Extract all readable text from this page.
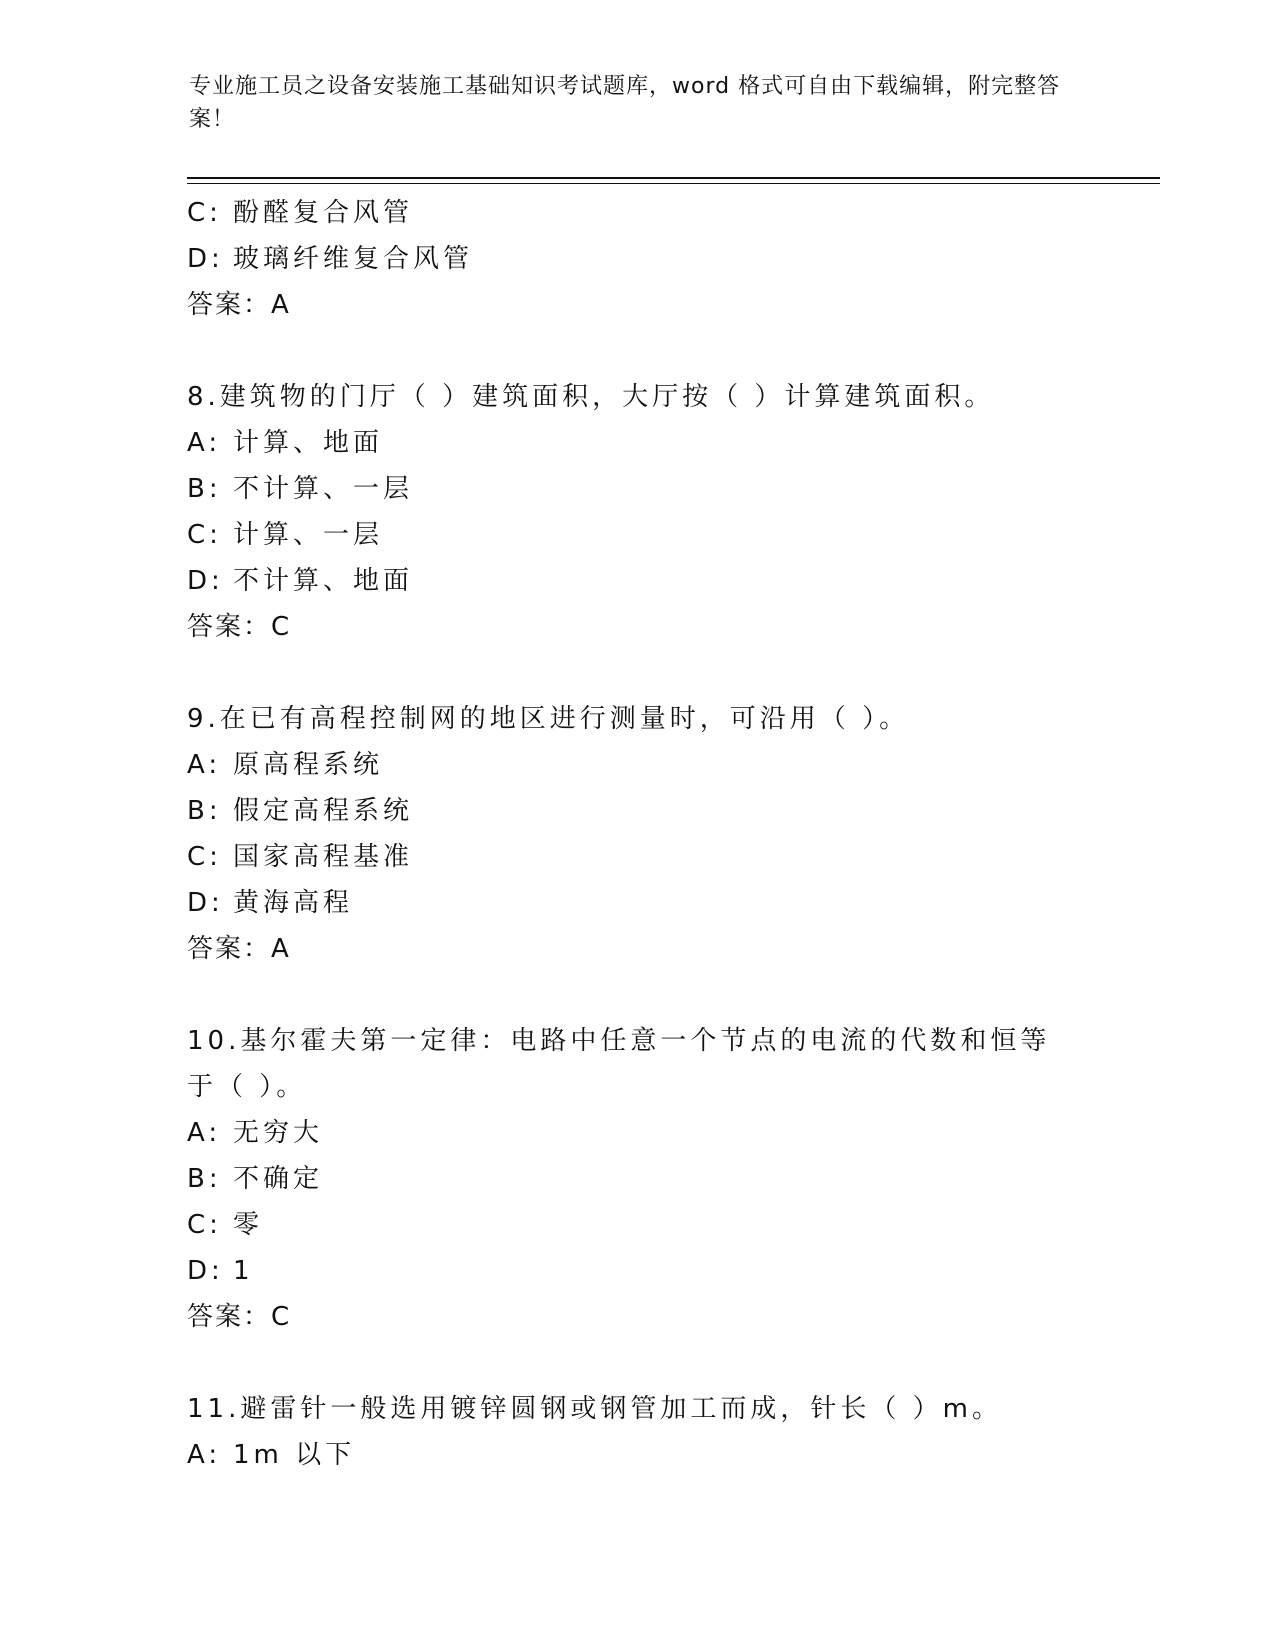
专业施工员之设备安装施工基础知识考试题库，word 格式可自由下载编辑，附完整答案！
C: 酚醛复合风管
D: 玻璃纤维复合风管
答案：A
8.建筑物的门厅（ ）建筑面积，大厅按（ ）计算建筑面积。
A: 计算、地面
B: 不计算、一层
C: 计算、一层
D: 不计算、地面
答案：C
9.在已有高程控制网的地区进行测量时，可沿用（ ）。
A: 原高程系统
B: 假定高程系统
C: 国家高程基准
D: 黄海高程
答案：A
10.基尔霍夫第一定律：电路中任意一个节点的电流的代数和恒等于（ ）。
A: 无穷大
B: 不确定
C: 零
D: 1
答案：C
11.避雷针一般选用镀锌圆钢或钢管加工而成，针长（ ）m。
A: 1m 以下
